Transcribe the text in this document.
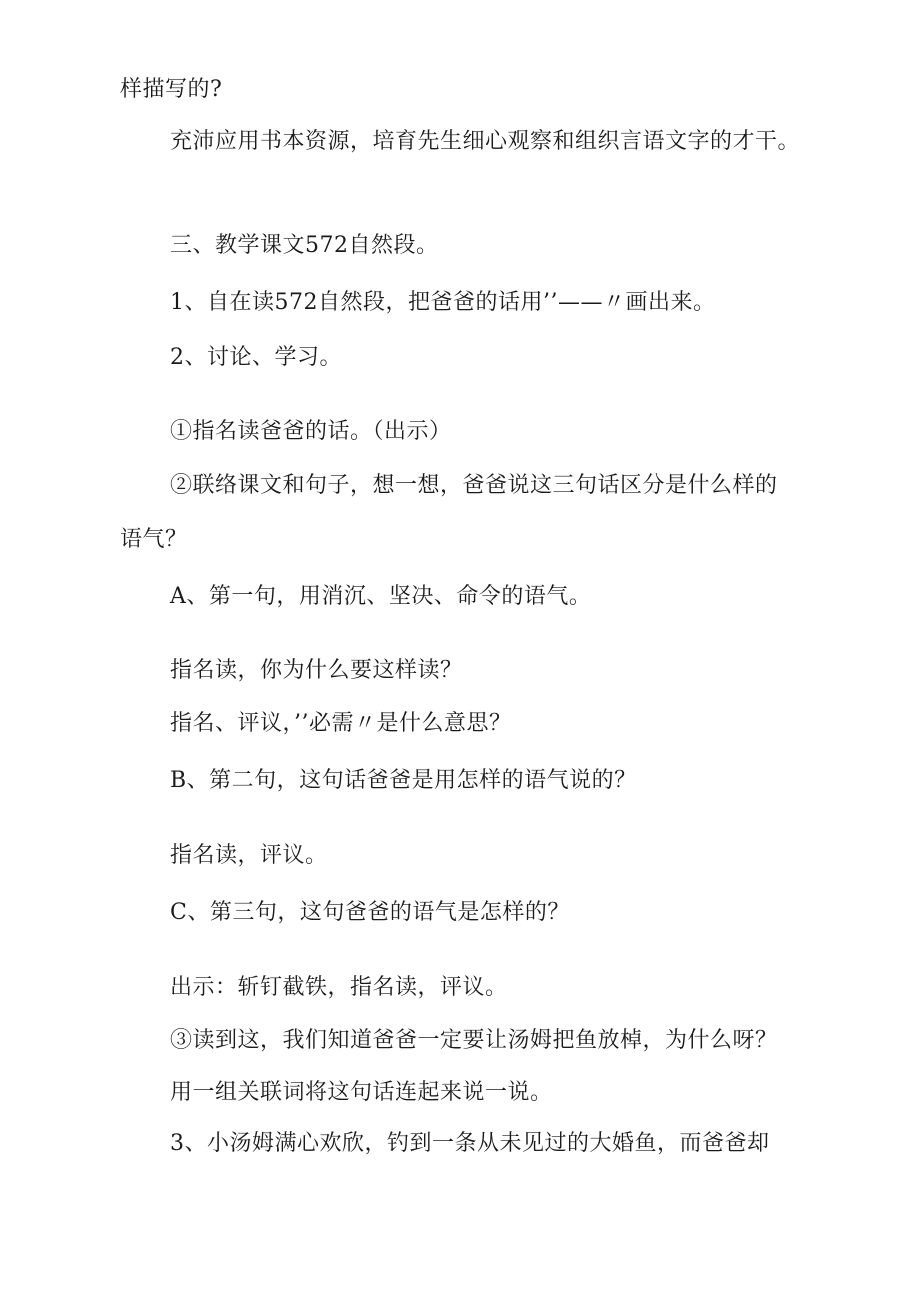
样描写的?
充沛应用书本资源，培育先生细心观察和组织言语文字的才干。
三、教学课文572自然段。
1、自在读572自然段，把爸爸的话用’’——〃画出来。
2、讨论、学习。
①指名读爸爸的话。（出示）
②联络课文和句子，想一想，爸爸说这三句话区分是什么样的
语气？
A、第一句，用消沉、坚决、命令的语气。
指名读，你为什么要这样读？
指名、评议，’’必需〃是什么意思？
B、第二句，这句话爸爸是用怎样的语气说的？
指名读，评议。
C、第三句，这句爸爸的语气是怎样的？
出示：斩钉截铁，指名读，评议。
③读到这，我们知道爸爸一定要让汤姆把鱼放棹，为什么呀？
用一组关联词将这句话连起来说一说。
3、小汤姆满心欢欣，钓到一条从未见过的大婚鱼，而爸爸却
